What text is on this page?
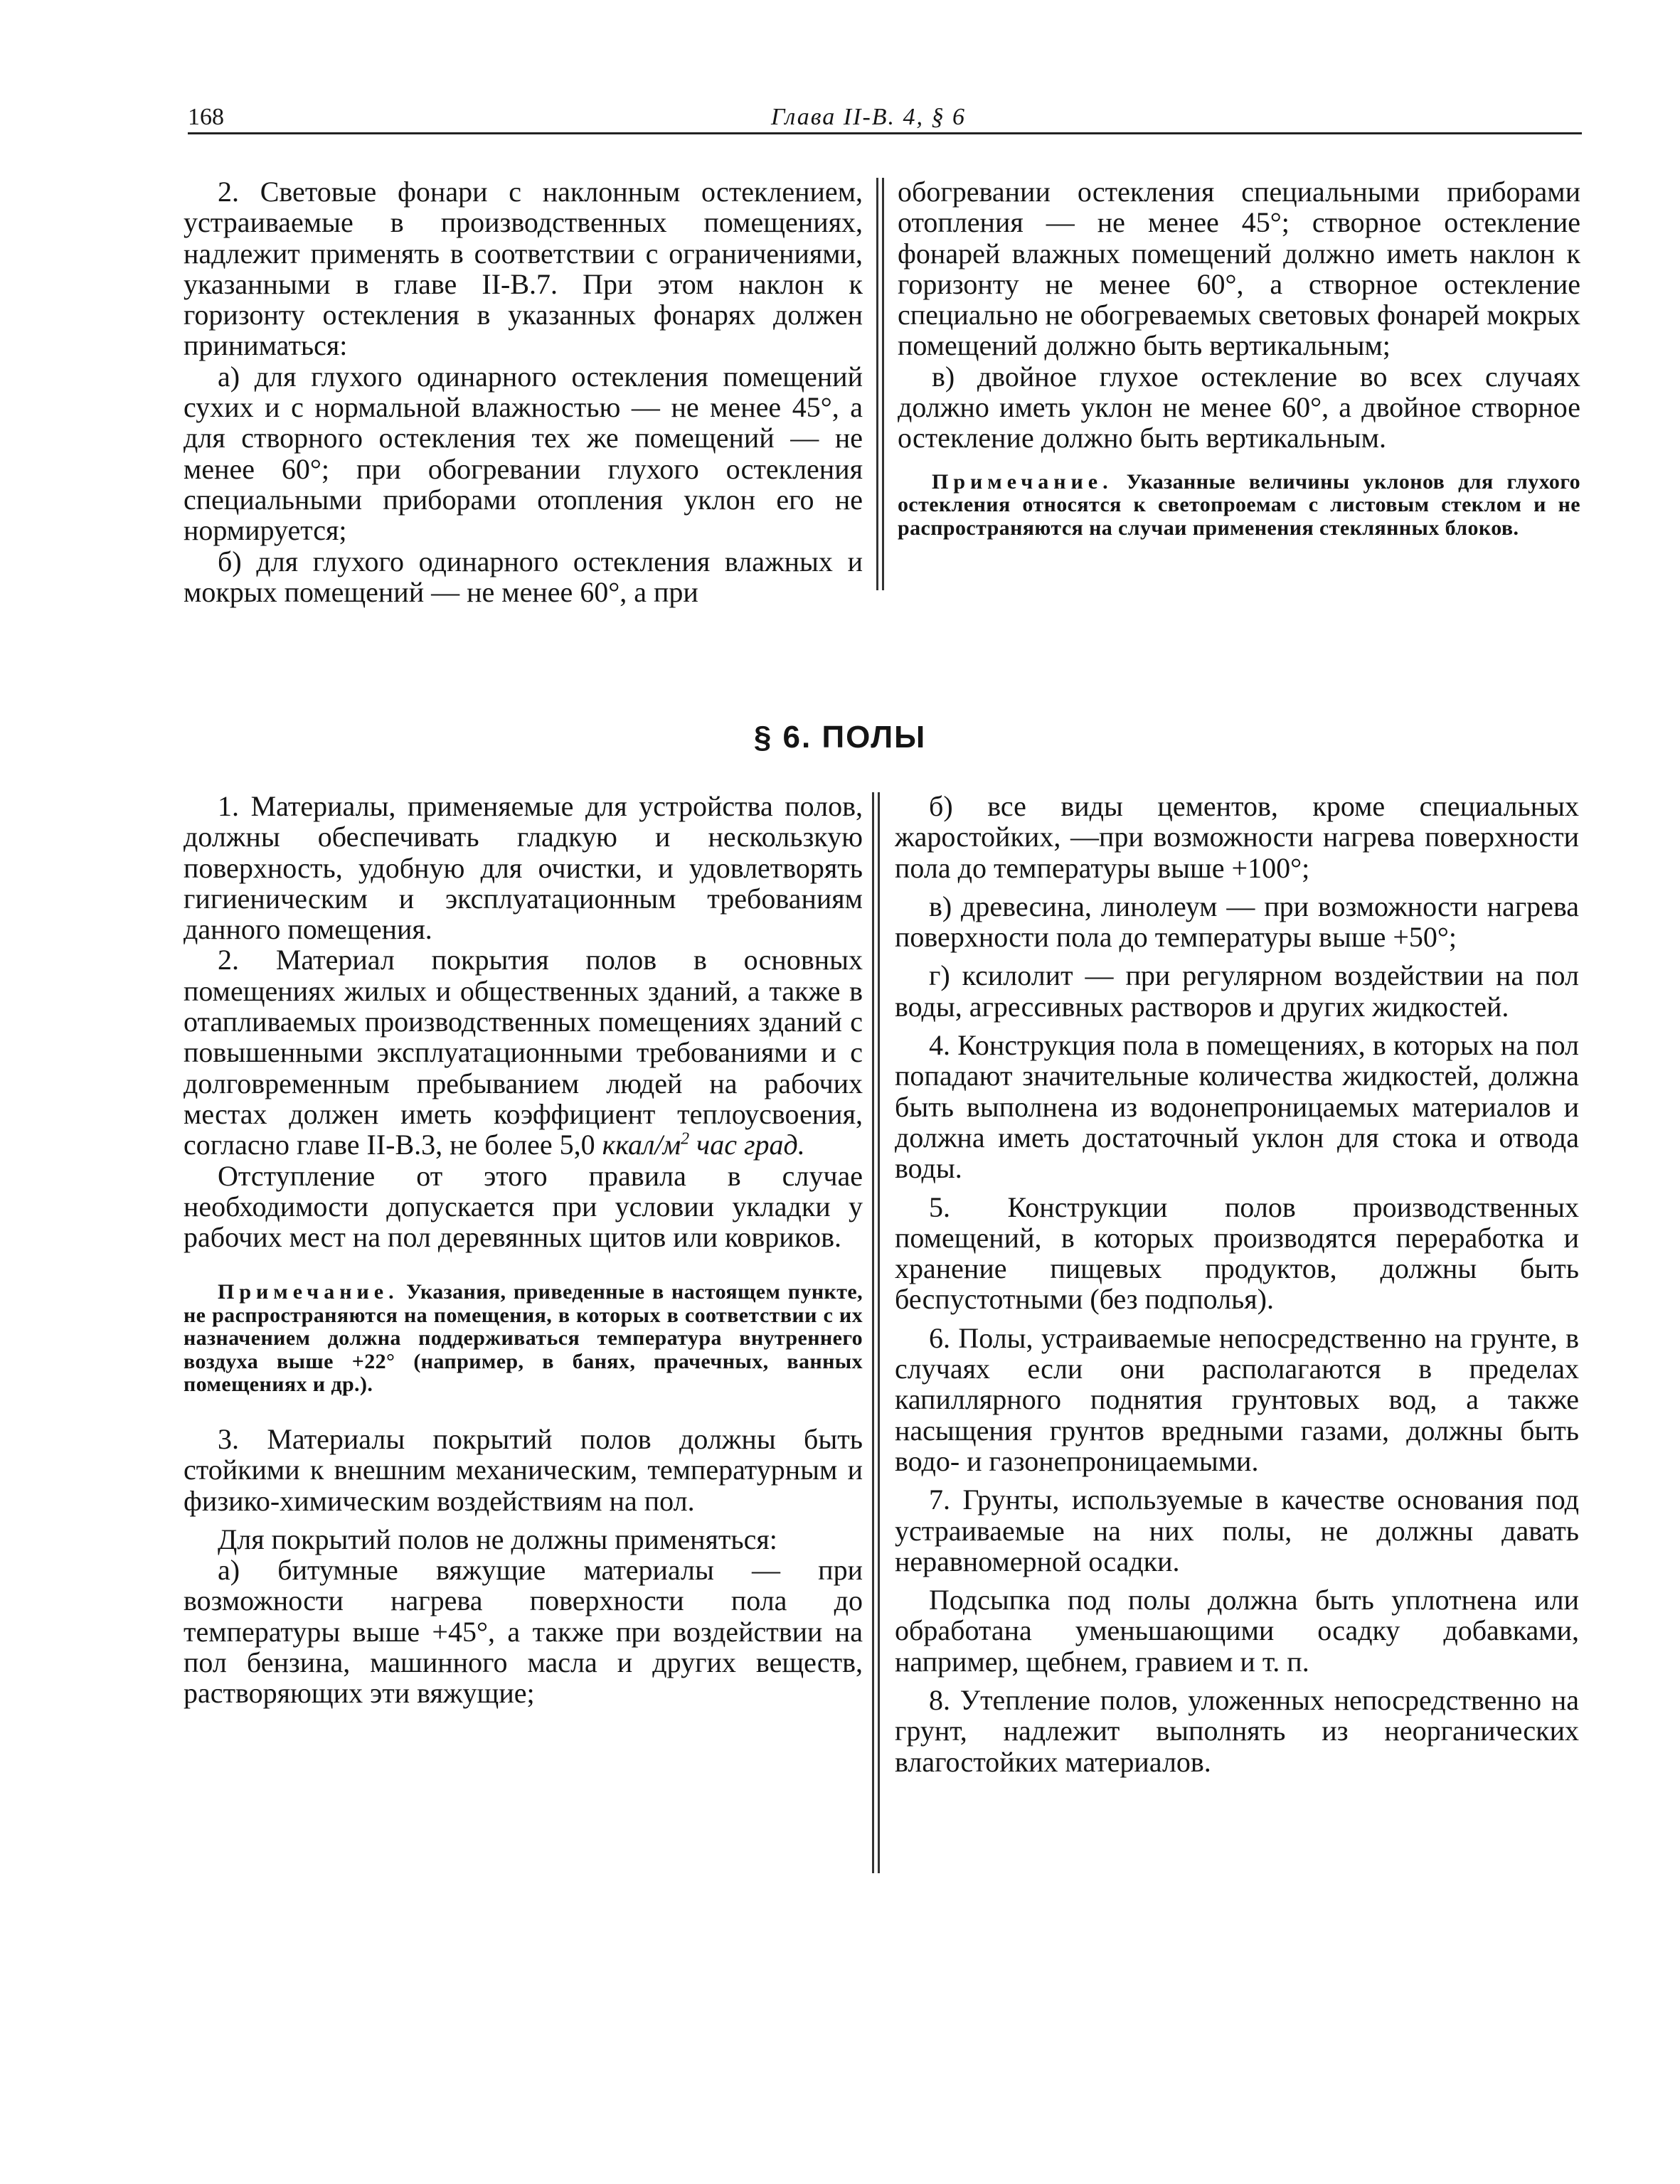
168	Глава II-В. 4, § 6

2. Световые фонари с наклонным остеклением, устраиваемые в производственных помещениях, надлежит применять в соответствии с ограничениями, указанными в главе II-В.7. При этом наклон к горизонту остекления в указанных фонарях должен приниматься:

а) для глухого одинарного остекления помещений сухих и с нормальной влажностью — не менее 45°, а для створного остекления тех же помещений — не менее 60°; при обогревании глухого остекления специальными приборами отопления уклон его не нормируется;

б) для глухого одинарного остекления влажных и мокрых помещений — не менее 60°, а при

обогревании остекления специальными приборами отопления — не менее 45°; створное остекление фонарей влажных помещений должно иметь наклон к горизонту не менее 60°, а створное остекление специально не обогреваемых световых фонарей мокрых помещений должно быть вертикальным;

в) двойное глухое остекление во всех случаях должно иметь уклон не менее 60°, а двойное створное остекление должно быть вертикальным.

Примечание. Указанные величины уклонов для глухого остекления относятся к светопроемам с листовым стеклом и не распространяются на случаи применения стеклянных блоков.

§ 6. ПОЛЫ

1. Материалы, применяемые для устройства полов, должны обеспечивать гладкую и нескользкую поверхность, удобную для очистки, и удовлетворять гигиеническим и эксплуатационным требованиям данного помещения.

2. Материал покрытия полов в основных помещениях жилых и общественных зданий, а также в отапливаемых производственных помещениях зданий с повышенными эксплуатационными требованиями и с долговременным пребыванием людей на рабочих местах должен иметь коэффициент теплоусвоения, согласно главе II-В.3, не более 5,0 ккал/$м^2$ час град.

Отступление от этого правила в случае необходимости допускается при условии укладки у рабочих мест на пол деревянных щитов или ковриков.

Примечание. Указания, приведенные в настоящем пункте, не распространяются на помещения, в которых в соответствии с их назначением должна поддерживаться температура внутреннего воздуха выше +22° (например, в банях, прачечных, ванных помещениях и др.).

3. Материалы покрытий полов должны быть стойкими к внешним механическим, температурным и физико-химическим воздействиям на пол.

Для покрытий полов не должны применяться:

а) битумные вяжущие материалы — при возможности нагрева поверхности пола до температуры выше +45°, а также при воздействии на пол бензина, машинного масла и других веществ, растворяющих эти вяжущие;

б) все виды цементов, кроме специальных жаростойких, —при возможности нагрева поверхности пола до температуры выше +100°;

в) древесина, линолеум — при возможности нагрева поверхности пола до температуры выше +50°;

г) ксилолит — при регулярном воздействии на пол воды, агрессивных растворов и других жидкостей.

4. Конструкция пола в помещениях, в которых на пол попадают значительные количества жидкостей, должна быть выполнена из водонепроницаемых материалов и должна иметь достаточный уклон для стока и отвода воды.

5. Конструкции полов производственных помещений, в которых производятся переработка и хранение пищевых продуктов, должны быть беспустотными (без подполья).

6. Полы, устраиваемые непосредственно на грунте, в случаях если они располагаются в пределах капиллярного поднятия грунтовых вод, а также насыщения грунтов вредными газами, должны быть водо- и газонепроницаемыми.

7. Грунты, используемые в качестве основания под устраиваемые на них полы, не должны давать неравномерной осадки.

Подсыпка под полы должна быть уплотнена или обработана уменьшающими осадку добавками, например, щебнем, гравием и т. п.

8. Утепление полов, уложенных непосредственно на грунт, надлежит выполнять из неорганических влагостойких материалов.
